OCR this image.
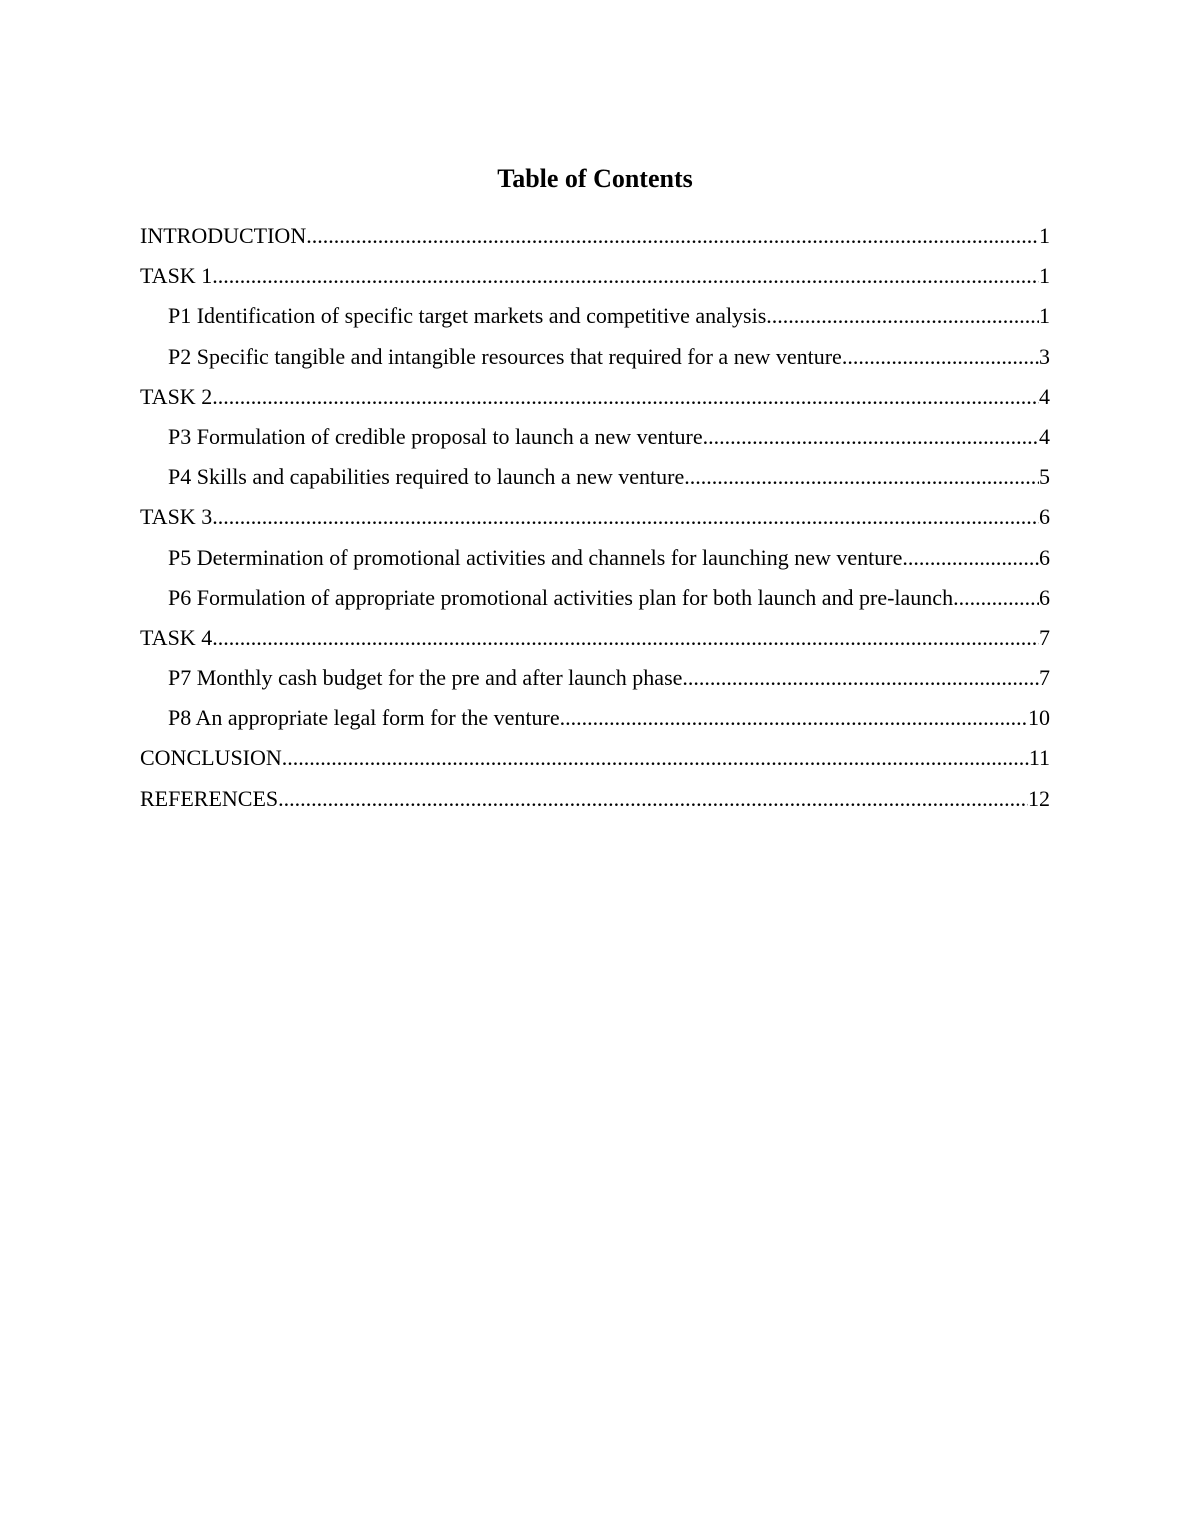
Table of Contents
INTRODUCTION .....	1
TASK 1 .....	1
P1 Identification of specific target markets and competitive analysis .....	1
P2 Specific tangible and intangible resources that required for a new venture .....	3
TASK 2 .....	4
P3 Formulation of credible proposal to launch a new venture .....	4
P4 Skills and capabilities required to launch a new venture .....	5
TASK 3 .....	6
P5 Determination of promotional activities and channels for launching new venture .....	6
P6 Formulation of appropriate promotional activities plan for both launch and pre-launch .....	6
TASK 4 .....	7
P7 Monthly cash budget for the pre and after launch phase .....	7
P8 An appropriate legal form for the venture .....	10
CONCLUSION .....	11
REFERENCES .....	12
